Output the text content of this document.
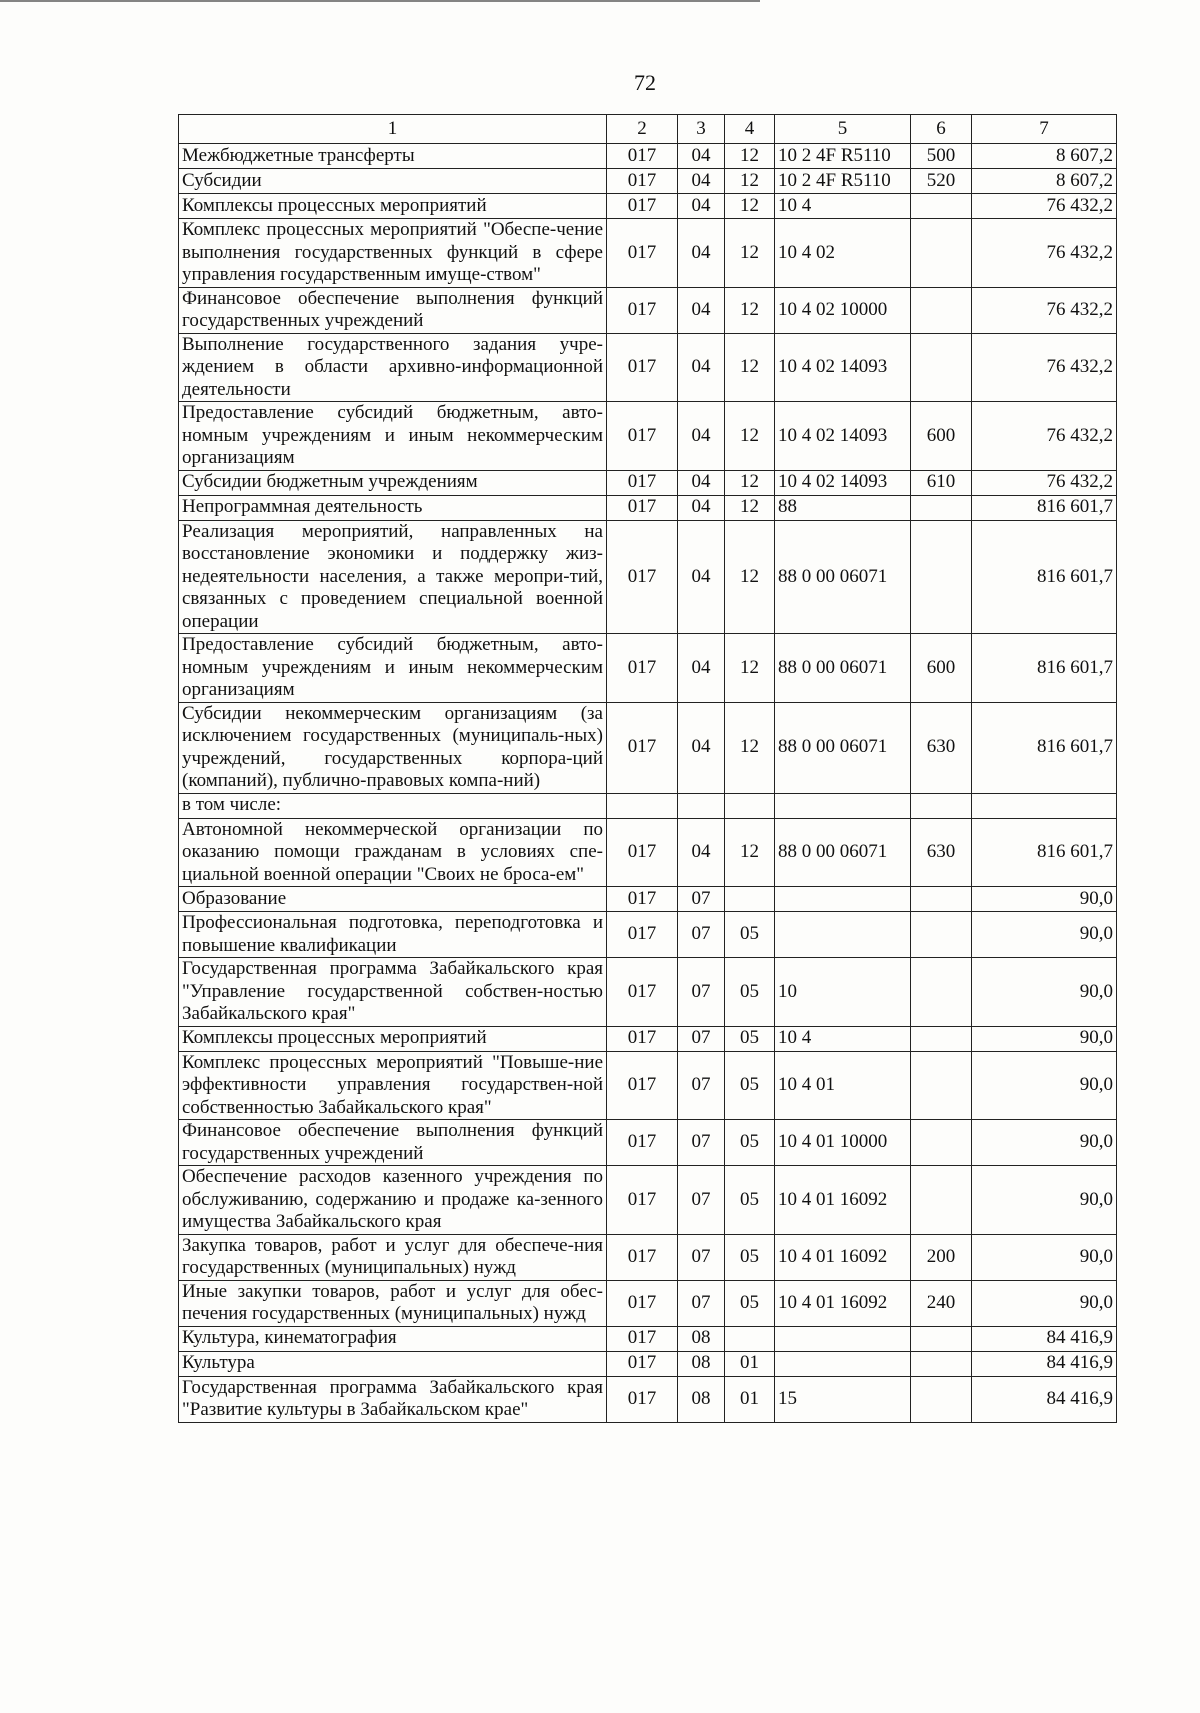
72
1	2	3	4	5	6	7
Межбюджетные трансферты	017	04	12	10 2 4F R5110	500	8 607,2
Субсидии	017	04	12	10 2 4F R5110	520	8 607,2
Комплексы процессных мероприятий	017	04	12	10 4		76 432,2
Комплекс процессных мероприятий "Обеспе-чение выполнения государственных функций в сфере управления государственным имуще-ством"	017	04	12	10 4 02		76 432,2
Финансовое обеспечение выполнения функций государственных учреждений	017	04	12	10 4 02 10000		76 432,2
Выполнение государственного задания учре-ждением в области архивно-информационной деятельности	017	04	12	10 4 02 14093		76 432,2
Предоставление субсидий бюджетным, авто-номным учреждениям и иным некоммерческим организациям	017	04	12	10 4 02 14093	600	76 432,2
Субсидии бюджетным учреждениям	017	04	12	10 4 02 14093	610	76 432,2
Непрограммная деятельность	017	04	12	88		816 601,7
Реализация мероприятий, направленных на восстановление экономики и поддержку жиз-недеятельности населения, а также меропри-тий, связанных с проведением специальной военной операции	017	04	12	88 0 00 06071		816 601,7
Предоставление субсидий бюджетным, авто-номным учреждениям и иным некоммерческим организациям	017	04	12	88 0 00 06071	600	816 601,7
Субсидии некоммерческим организациям (за исключением государственных (муниципаль-ных) учреждений, государственных корпора-ций (компаний), публично-правовых компа-ний)	017	04	12	88 0 00 06071	630	816 601,7
в том числе:						
Автономной некоммерческой организации по оказанию помощи гражданам в условиях спе-циальной военной операции "Своих не броса-ем"	017	04	12	88 0 00 06071	630	816 601,7
Образование	017	07				90,0
Профессиональная подготовка, переподготовка и повышение квалификации	017	07	05			90,0
Государственная программа Забайкальского края "Управление государственной собствен-ностью Забайкальского края"	017	07	05	10		90,0
Комплексы процессных мероприятий	017	07	05	10 4		90,0
Комплекс процессных мероприятий "Повыше-ние эффективности управления государствен-ной собственностью Забайкальского края"	017	07	05	10 4 01		90,0
Финансовое обеспечение выполнения функций государственных учреждений	017	07	05	10 4 01 10000		90,0
Обеспечение расходов казенного учреждения по обслуживанию, содержанию и продаже ка-зенного имущества Забайкальского края	017	07	05	10 4 01 16092		90,0
Закупка товаров, работ и услуг для обеспече-ния государственных (муниципальных) нужд	017	07	05	10 4 01 16092	200	90,0
Иные закупки товаров, работ и услуг для обес-печения государственных (муниципальных) нужд	017	07	05	10 4 01 16092	240	90,0
Культура, кинематография	017	08				84 416,9
Культура	017	08	01			84 416,9
Государственная программа Забайкальского края "Развитие культуры в Забайкальском крае"	017	08	01	15		84 416,9
